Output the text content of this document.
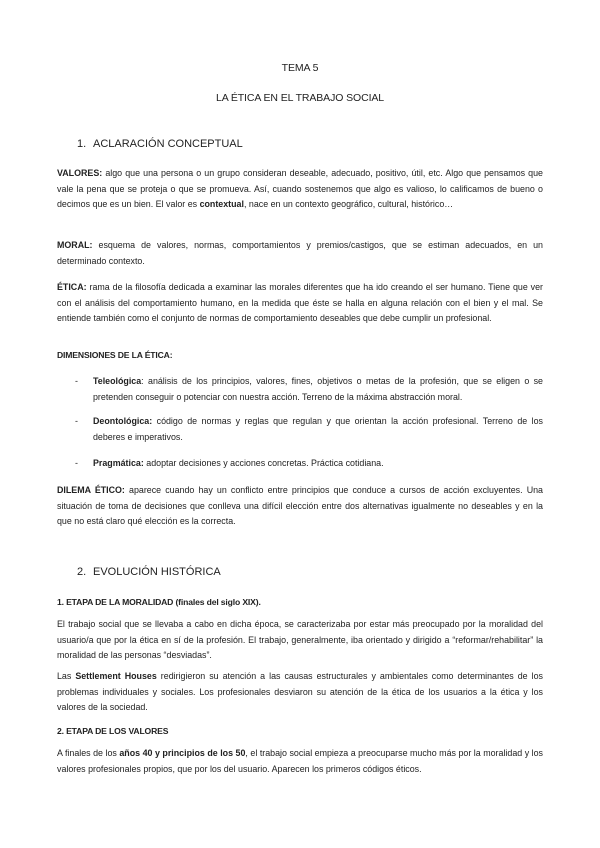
TEMA 5
LA ÉTICA EN EL TRABAJO SOCIAL
1. ACLARACIÓN CONCEPTUAL
VALORES: algo que una persona o un grupo consideran deseable, adecuado, positivo, útil, etc. Algo que pensamos que vale la pena que se proteja o que se promueva. Así, cuando sostenemos que algo es valioso, lo calificamos de bueno o decimos que es un bien. El valor es contextual, nace en un contexto geográfico, cultural, histórico…
MORAL: esquema de valores, normas, comportamientos y premios/castigos, que se estiman adecuados, en un determinado contexto.
ÉTICA: rama de la filosofía dedicada a examinar las morales diferentes que ha ido creando el ser humano. Tiene que ver con el análisis del comportamiento humano, en la medida que éste se halla en alguna relación con el bien y el mal. Se entiende también como el conjunto de normas de comportamiento deseables que debe cumplir un profesional.
DIMENSIONES DE LA ÉTICA:
- Teleológica: análisis de los principios, valores, fines, objetivos o metas de la profesión, que se eligen o se pretenden conseguir o potenciar con nuestra acción. Terreno de la máxima abstracción moral.
- Deontológica: código de normas y reglas que regulan y que orientan la acción profesional. Terreno de los deberes e imperativos.
- Pragmática: adoptar decisiones y acciones concretas. Práctica cotidiana.
DILEMA ÉTICO: aparece cuando hay un conflicto entre principios que conduce a cursos de acción excluyentes. Una situación de toma de decisiones que conlleva una difícil elección entre dos alternativas igualmente no deseables y en la que no está claro qué elección es la correcta.
2. EVOLUCIÓN HISTÓRICA
1. ETAPA DE LA MORALIDAD (finales del siglo XIX).
El trabajo social que se llevaba a cabo en dicha época, se caracterizaba por estar más preocupado por la moralidad del usuario/a que por la ética en sí de la profesión. El trabajo, generalmente, iba orientado y dirigido a “reformar/rehabilitar” la moralidad de las personas “desviadas”.
Las Settlement Houses redirigieron su atención a las causas estructurales y ambientales como determinantes de los problemas individuales y sociales. Los profesionales desviaron su atención de la ética de los usuarios a la ética y los valores de la sociedad.
2. ETAPA DE LOS VALORES
A finales de los años 40 y principios de los 50, el trabajo social empieza a preocuparse mucho más por la moralidad y los valores profesionales propios, que por los del usuario. Aparecen los primeros códigos éticos.
